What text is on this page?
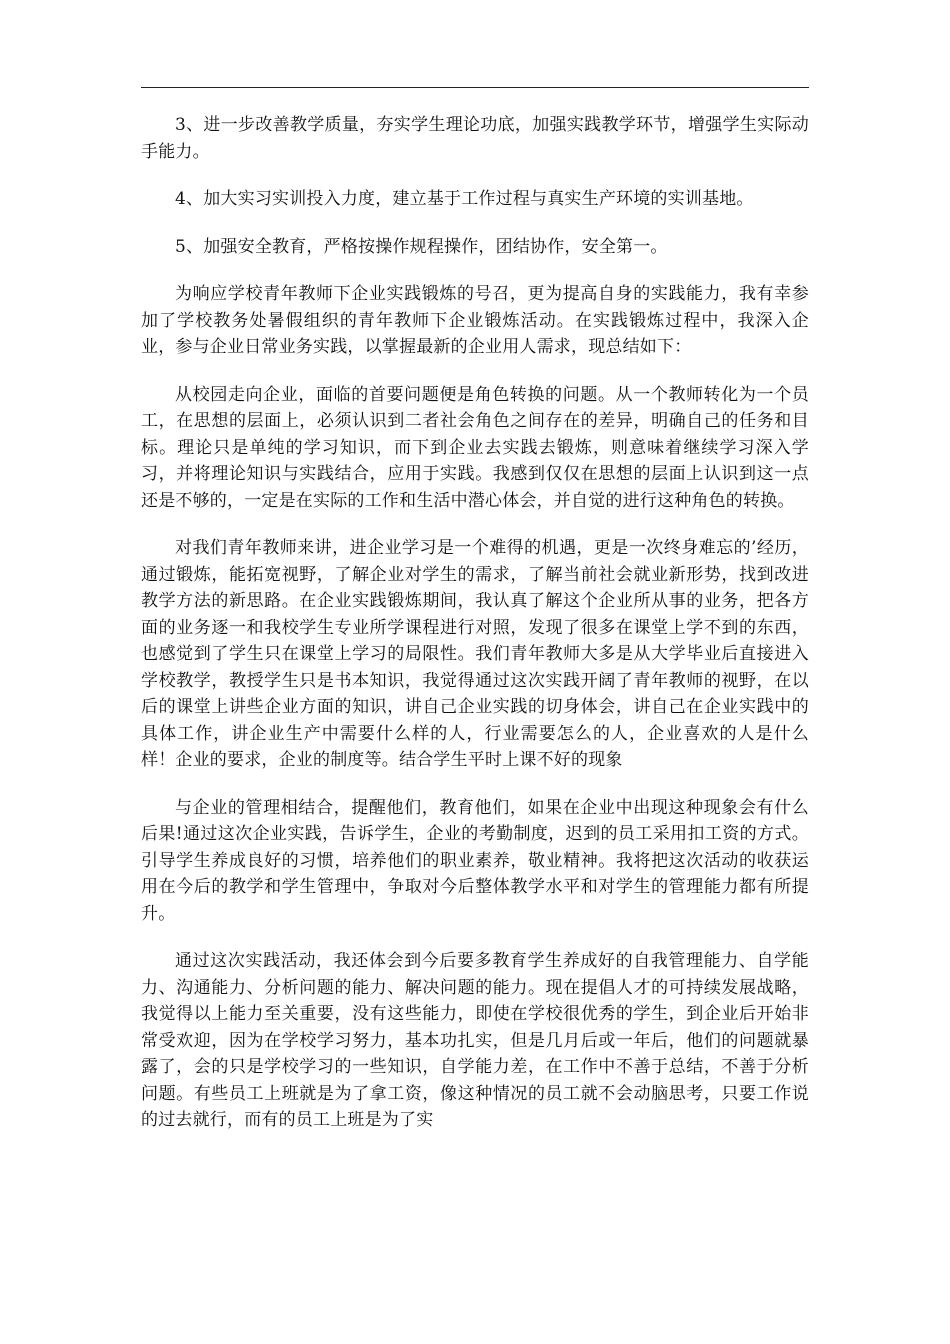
3、进一步改善教学质量，夯实学生理论功底，加强实践教学环节，增强学生实际动手能力。

4、加大实习实训投入力度，建立基于工作过程与真实生产环境的实训基地。

5、加强安全教育，严格按操作规程操作，团结协作，安全第一。

为响应学校青年教师下企业实践锻炼的号召，更为提高自身的实践能力，我有幸参加了学校教务处暑假组织的青年教师下企业锻炼活动。在实践锻炼过程中，我深入企业，参与企业日常业务实践，以掌握最新的企业用人需求，现总结如下：

从校园走向企业，面临的首要问题便是角色转换的问题。从一个教师转化为一个员工，在思想的层面上，必须认识到二者社会角色之间存在的差异，明确自己的任务和目标。理论只是单纯的学习知识，而下到企业去实践去锻炼，则意味着继续学习深入学习，并将理论知识与实践结合，应用于实践。我感到仅仅在思想的层面上认识到这一点还是不够的，一定是在实际的工作和生活中潜心体会，并自觉的进行这种角色的转换。

对我们青年教师来讲，进企业学习是一个难得的机遇，更是一次终身难忘的’经历，通过锻炼，能拓宽视野，了解企业对学生的需求，了解当前社会就业新形势，找到改进教学方法的新思路。在企业实践锻炼期间，我认真了解这个企业所从事的业务，把各方面的业务逐一和我校学生专业所学课程进行对照，发现了很多在课堂上学不到的东西，也感觉到了学生只在课堂上学习的局限性。我们青年教师大多是从大学毕业后直接进入学校教学，教授学生只是书本知识，我觉得通过这次实践开阔了青年教师的视野，在以后的课堂上讲些企业方面的知识，讲自己企业实践的切身体会，讲自己在企业实践中的具体工作，讲企业生产中需要什么样的人，行业需要怎么的人，企业喜欢的人是什么样！企业的要求，企业的制度等。结合学生平时上课不好的现象

与企业的管理相结合，提醒他们，教育他们，如果在企业中出现这种现象会有什么后果!通过这次企业实践，告诉学生，企业的考勤制度，迟到的员工采用扣工资的方式。引导学生养成良好的习惯，培养他们的职业素养，敬业精神。我将把这次活动的收获运用在今后的教学和学生管理中，争取对今后整体教学水平和对学生的管理能力都有所提升。

通过这次实践活动，我还体会到今后要多教育学生养成好的自我管理能力、自学能力、沟通能力、分析问题的能力、解决问题的能力。现在提倡人才的可持续发展战略，我觉得以上能力至关重要，没有这些能力，即使在学校很优秀的学生，到企业后开始非常受欢迎，因为在学校学习努力，基本功扎实，但是几月后或一年后，他们的问题就暴露了，会的只是学校学习的一些知识，自学能力差，在工作中不善于总结，不善于分析问题。有些员工上班就是为了拿工资，像这种情况的员工就不会动脑思考，只要工作说的过去就行，而有的员工上班是为了实
